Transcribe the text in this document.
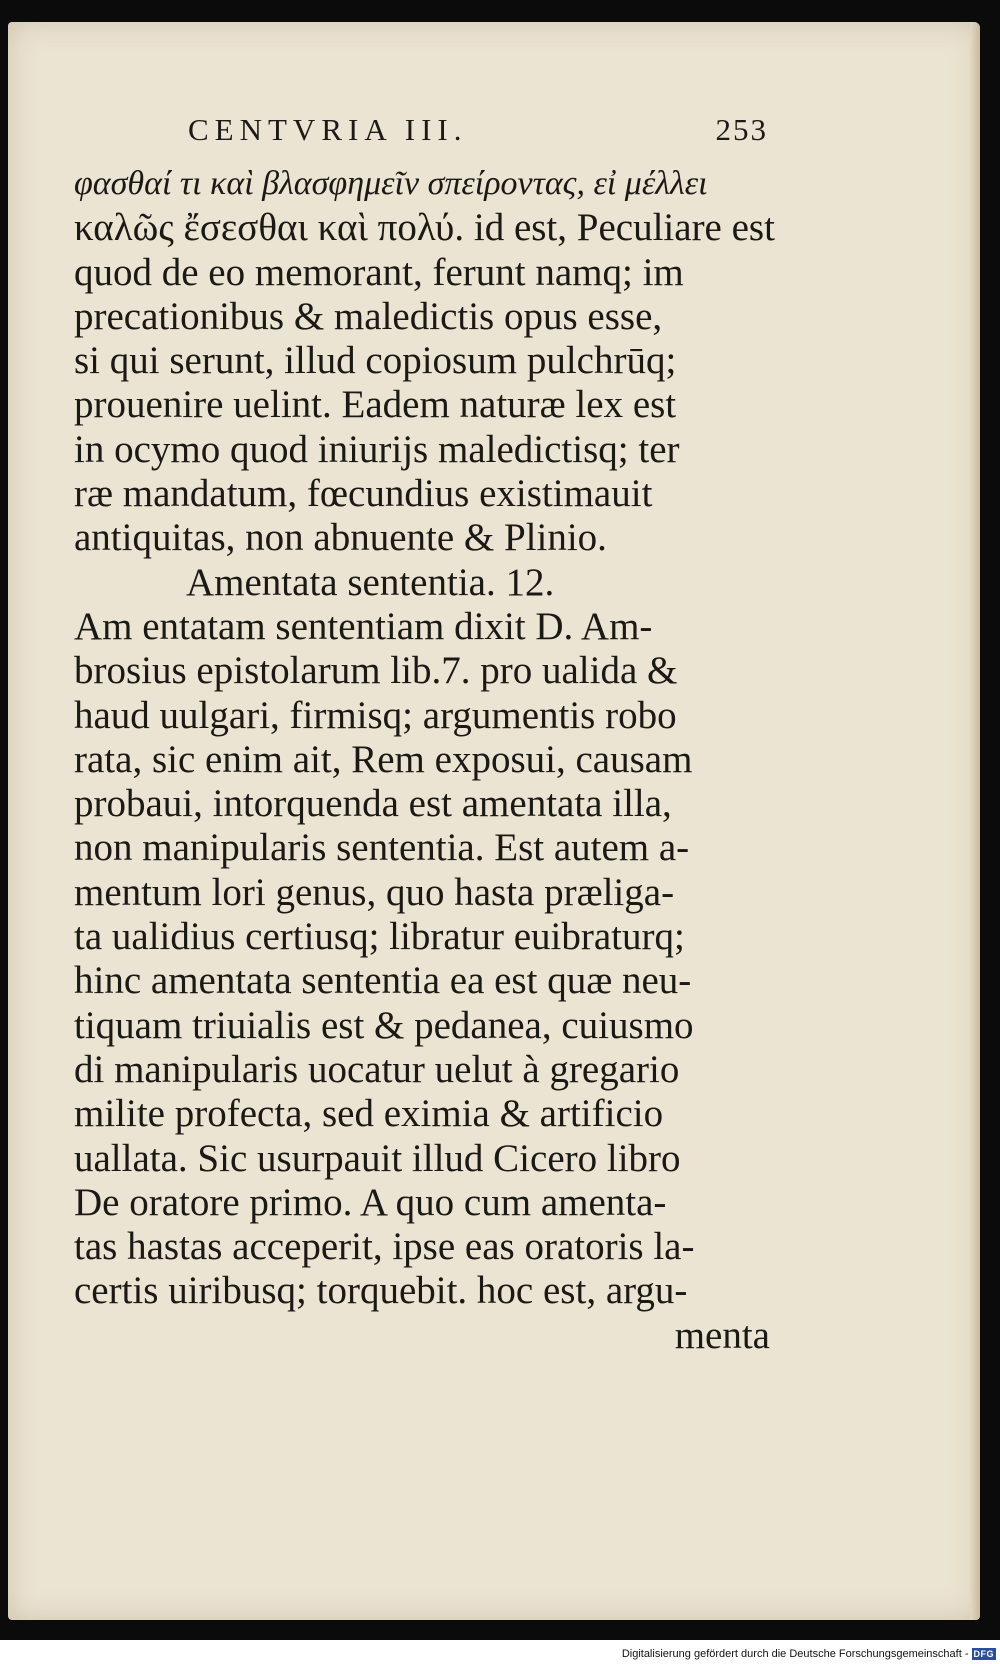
CENTVRIA III.	253
φασθαί τι καὶ βλασφημεῖν σπείροντας, εἰ μέλλει
καλῶς ἔσεσθαι καὶ πολύ. id est, Peculiare est
quod de eo memorant, ferunt namq; im
precationibus & maledictis opus esse,
si qui serunt, illud copiosum pulchrūq;
prouenire uelint. Eadem naturæ lex est
in ocymo quod iniurijs maledictisq; ter
ræ mandatum, fœcundius existimauit
antiquitas, non abnuente & Plinio.
Amentata sententia. 12.
Am entatam sententiam dixit D. Am-
brosius epistolarum lib.7. pro ualida &
haud uulgari, firmisq; argumentis robo
rata, sic enim ait, Rem exposui, causam
probaui, intorquenda est amentata illa,
non manipularis sententia. Est autem a-
mentum lori genus, quo hasta præliga-
ta ualidius certiusq; libratur euibraturq;
hinc amentata sententia ea est quæ neu-
tiquam triuialis est & pedanea, cuiusmo
di manipularis uocatur uelut à gregario
milite profecta, sed eximia & artificio
uallata. Sic usurpauit illud Cicero libro
De oratore primo. A quo cum amenta-
tas hastas acceperit, ipse eas oratoris la-
certis uiribusq; torquebit. hoc est, argu-
menta
Digitalisierung gefördert durch die Deutsche Forschungsgemeinschaft - DFG
